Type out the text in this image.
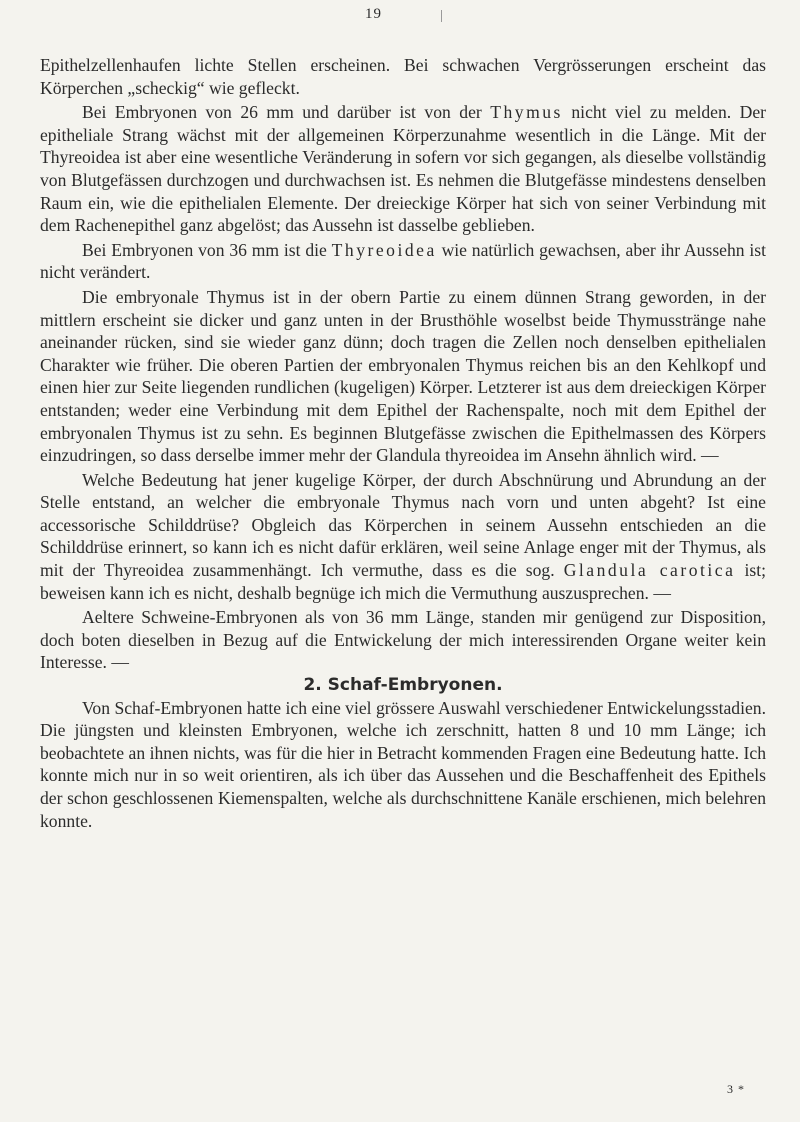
19

Epithelzellenhaufen lichte Stellen erscheinen. Bei schwachen Vergrösserungen erscheint das Körperchen „scheckig“ wie gefleckt.

Bei Embryonen von 26 mm und darüber ist von der Thymus nicht viel zu melden. Der epitheliale Strang wächst mit der allgemeinen Körperzunahme wesentlich in die Länge. Mit der Thyreoidea ist aber eine wesentliche Veränderung in sofern vor sich gegangen, als dieselbe vollständig von Blutgefässen durchzogen und durchwachsen ist. Es nehmen die Blutgefässe mindestens denselben Raum ein, wie die epithelialen Elemente. Der dreieckige Körper hat sich von seiner Verbindung mit dem Rachenepithel ganz abgelöst; das Aussehn ist dasselbe geblieben.

Bei Embryonen von 36 mm ist die Thyreoidea wie natürlich gewachsen, aber ihr Aussehn ist nicht verändert.

Die embryonale Thymus ist in der obern Partie zu einem dünnen Strang geworden, in der mittlern erscheint sie dicker und ganz unten in der Brusthöhle woselbst beide Thymusstränge nahe aneinander rücken, sind sie wieder ganz dünn; doch tragen die Zellen noch denselben epithelialen Charakter wie früher. Die oberen Partien der embryonalen Thymus reichen bis an den Kehlkopf und einen hier zur Seite liegenden rundlichen (kugeligen) Körper. Letzterer ist aus dem dreieckigen Körper entstanden; weder eine Verbindung mit dem Epithel der Rachenspalte, noch mit dem Epithel der embryonalen Thymus ist zu sehn. Es beginnen Blutgefässe zwischen die Epithelmassen des Körpers einzudringen, so dass derselbe immer mehr der Glandula thyreoidea im Ansehn ähnlich wird. —

Welche Bedeutung hat jener kugelige Körper, der durch Abschnürung und Abrundung an der Stelle entstand, an welcher die embryonale Thymus nach vorn und unten abgeht? Ist eine accessorische Schilddrüse? Obgleich das Körperchen in seinem Aussehn entschieden an die Schilddrüse erinnert, so kann ich es nicht dafür erklären, weil seine Anlage enger mit der Thymus, als mit der Thyreoidea zusammenhängt. Ich vermuthe, dass es die sog. Glandula carotica ist; beweisen kann ich es nicht, deshalb begnüge ich mich die Vermuthung auszusprechen. —

Aeltere Schweine-Embryonen als von 36 mm Länge, standen mir genügend zur Disposition, doch boten dieselben in Bezug auf die Entwickelung der mich interessirenden Organe weiter kein Interesse. —

2. Schaf-Embryonen.

Von Schaf-Embryonen hatte ich eine viel grössere Auswahl verschiedener Entwickelungsstadien. Die jüngsten und kleinsten Embryonen, welche ich zerschnitt, hatten 8 und 10 mm Länge; ich beobachtete an ihnen nichts, was für die hier in Betracht kommenden Fragen eine Bedeutung hatte. Ich konnte mich nur in so weit orientiren, als ich über das Aussehen und die Beschaffenheit des Epithels der schon geschlossenen Kiemenspalten, welche als durchschnittene Kanäle erschienen, mich belehren konnte.

3 *
